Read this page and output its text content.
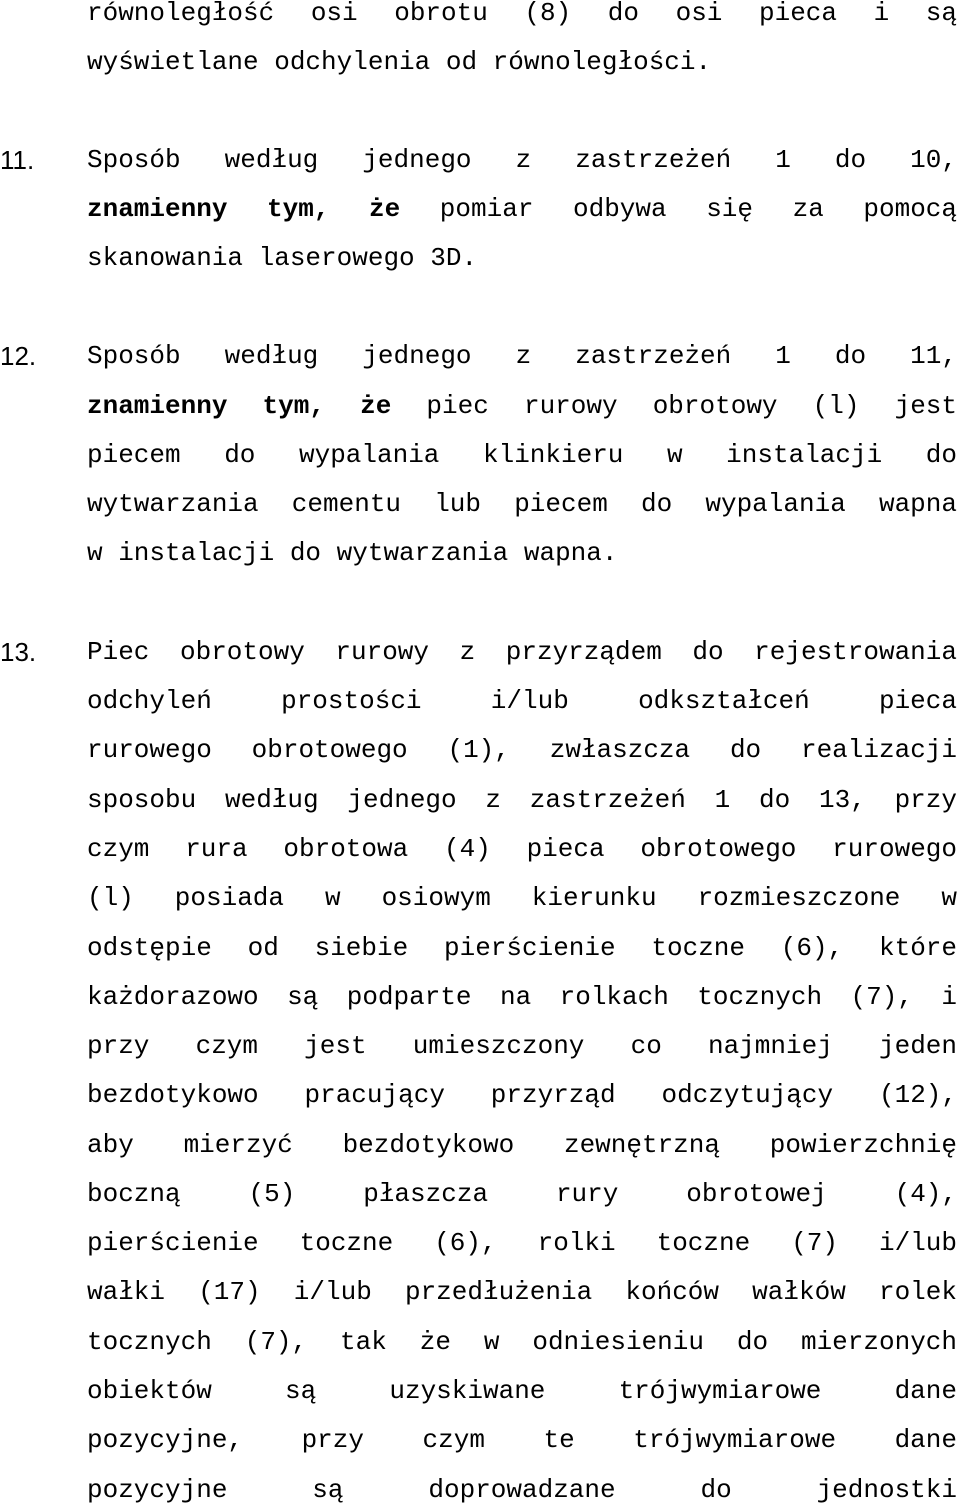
równoległość osi obrotu (8) do osi pieca i są
wyświetlane odchylenia od równoległości.
11.	Sposób według jednego z zastrzeżeń 1 do 10,
znamienny tym, że pomiar odbywa się za pomocą
skanowania laserowego 3D.
12.	Sposób według jednego z zastrzeżeń 1 do 11,
znamienny tym, że piec rurowy obrotowy (l) jest
piecem do wypalania klinkieru w instalacji do
wytwarzania cementu lub piecem do wypalania wapna
w instalacji do wytwarzania wapna.
13.	Piec obrotowy rurowy z przyrządem do rejestrowania
odchyleń prostości i/lub odkształceń pieca
rurowego obrotowego (1), zwłaszcza do realizacji
sposobu według jednego z zastrzeżeń 1 do 13, przy
czym rura obrotowa (4) pieca obrotowego rurowego
(l) posiada w osiowym kierunku rozmieszczone w
odstępie od siebie pierścienie toczne (6), które
każdorazowo są podparte na rolkach tocznych (7), i
przy czym jest umieszczony co najmniej jeden
bezdotykowo pracujący przyrząd odczytujący (12),
aby mierzyć bezdotykowo zewnętrzną powierzchnię
boczną (5) płaszcza rury obrotowej (4),
pierścienie toczne (6), rolki toczne (7) i/lub
wałki (17) i/lub przedłużenia końców wałków rolek
tocznych (7), tak że w odniesieniu do mierzonych
obiektów są uzyskiwane trójwymiarowe dane
pozycyjne, przy czym te trójwymiarowe dane
pozycyjne są doprowadzane do jednostki
